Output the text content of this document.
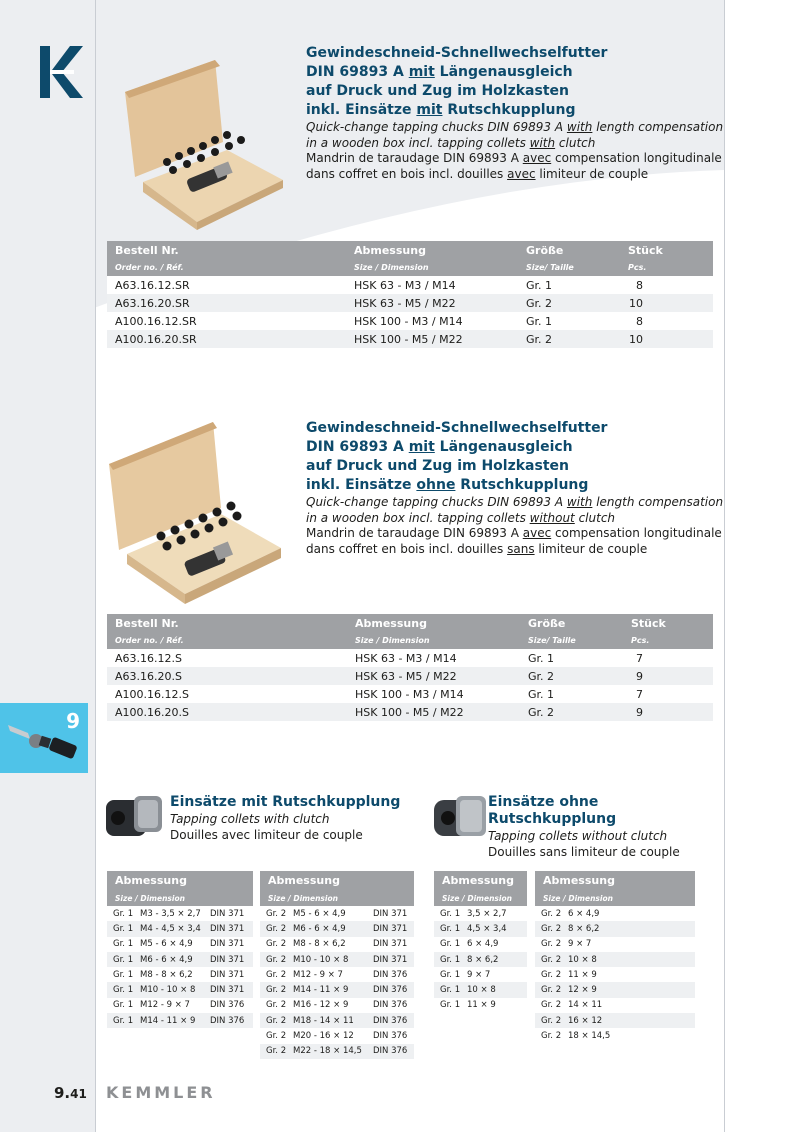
9
Gewindeschneid-Schnellwechselfutter
DIN 69893 A mit Längenausgleich
auf Druck und Zug im Holzkasten
inkl. Einsätze mit Rutschkupplung
Quick-change tapping chucks DIN 69893 A with length compensation
in a wooden box incl. tapping collets with clutch
Mandrin de taraudage DIN 69893 A avec compensation longitudinale
dans coffret en bois incl. douilles avec limiteur de couple
Bestell Nr.	Abmessung	Größe	Stück
Order no. / Réf.	Size / Dimension	Size/ Taille	Pcs.
A63.16.12.SR	HSK 63 - M3 / M14	Gr. 1	8
A63.16.20.SR	HSK 63 - M5 / M22	Gr. 2	10
A100.16.12.SR	HSK 100 - M3 / M14	Gr. 1	8
A100.16.20.SR	HSK 100 - M5 / M22	Gr. 2	10
Gewindeschneid-Schnellwechselfutter
DIN 69893 A mit Längenausgleich
auf Druck und Zug im Holzkasten
inkl. Einsätze ohne Rutschkupplung
Quick-change tapping chucks DIN 69893 A with length compensation
in a wooden box incl. tapping collets without clutch
Mandrin de taraudage DIN 69893 A avec compensation longitudinale
dans coffret en bois incl. douilles sans limiteur de couple
Bestell Nr.	Abmessung	Größe	Stück
Order no. / Réf.	Size / Dimension	Size/ Taille	Pcs.
A63.16.12.S	HSK 63 - M3 / M14	Gr. 1	7
A63.16.20.S	HSK 63 - M5 / M22	Gr. 2	9
A100.16.12.S	HSK 100 - M3 / M14	Gr. 1	7
A100.16.20.S	HSK 100 - M5 / M22	Gr. 2	9
Einsätze mit Rutschkupplung
Tapping collets with clutch
Douilles avec limiteur de couple
Abmessung		
Size / Dimension		
Gr. 1	M3 - 3,5 × 2,7	DIN 371
Gr. 1	M4 - 4,5 × 3,4	DIN 371
Gr. 1	M5 - 6 × 4,9	DIN 371
Gr. 1	M6 - 6 × 4,9	DIN 371
Gr. 1	M8 - 8 × 6,2	DIN 371
Gr. 1	M10 - 10 × 8	DIN 371
Gr. 1	M12 - 9 × 7	DIN 376
Gr. 1	M14 - 11 × 9	DIN 376
Abmessung		
Size / Dimension		
Gr. 2	M5 - 6 × 4,9	DIN 371
Gr. 2	M6 - 6 × 4,9	DIN 371
Gr. 2	M8 - 8 × 6,2	DIN 371
Gr. 2	M10 - 10 × 8	DIN 371
Gr. 2	M12 - 9 × 7	DIN 376
Gr. 2	M14 - 11 × 9	DIN 376
Gr. 2	M16 - 12 × 9	DIN 376
Gr. 2	M18 - 14 × 11	DIN 376
Gr. 2	M20 - 16 × 12	DIN 376
Gr. 2	M22 - 18 × 14,5	DIN 376
Einsätze ohne Rutschkupplung
Tapping collets without clutch
Douilles sans limiteur de couple
Abmessung	
Size / Dimension	
Gr. 1	3,5 × 2,7
Gr. 1	4,5 × 3,4
Gr. 1	6 × 4,9
Gr. 1	8 × 6,2
Gr. 1	9 × 7
Gr. 1	10 × 8
Gr. 1	11 × 9
Abmessung	
Size / Dimension	
Gr. 2	6 × 4,9
Gr. 2	8 × 6,2
Gr. 2	9 × 7
Gr. 2	10 × 8
Gr. 2	11 × 9
Gr. 2	12 × 9
Gr. 2	14 × 11
Gr. 2	16 × 12
Gr. 2	18 × 14,5
9.41 KEMMLER
